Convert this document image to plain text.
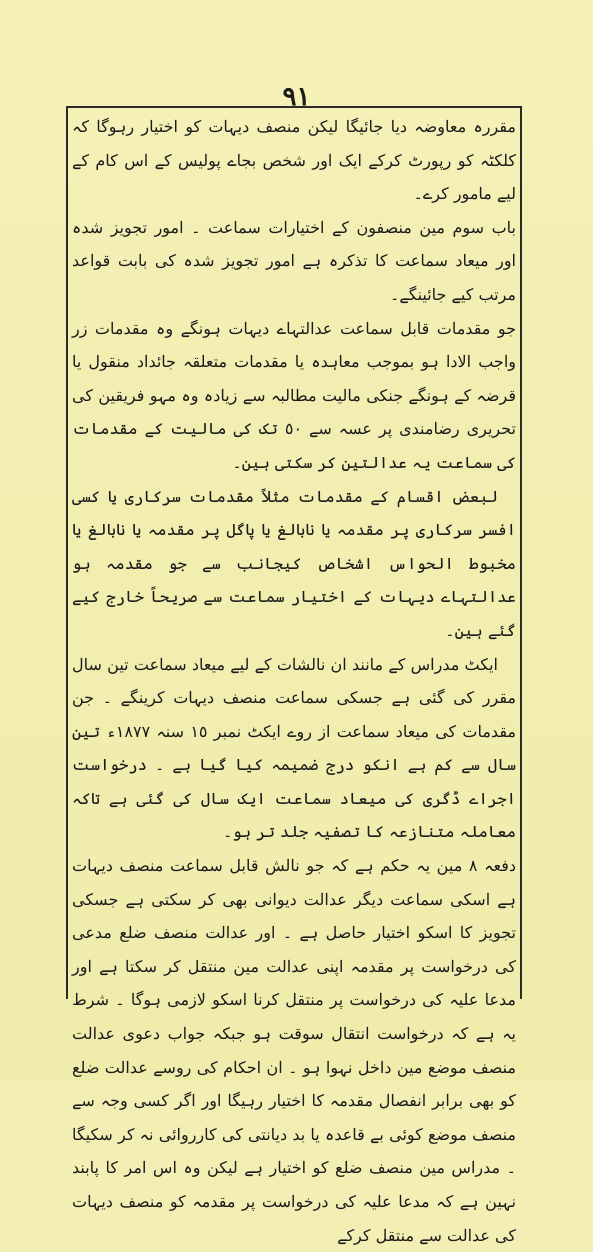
٩١

مقررہ معاوضہ دیا جائیگا لیکن منصف دیہات کو اختیار رہوگا کہ کلکٹہ کو رپورٹ کرکے ایک اور شخص بجاے پولیس کے اس کام کے لیے مامور کرے۔

باب سوم مین منصفون کے اختیارات سماعت ۔ امور تجویز شدہ اور میعاد سماعت کا تذکرہ ہے امور تجویز شدہ کی بابت قواعد مرتب کیے جائینگے۔

جو مقدمات قابل سماعت عدالتہاے دیہات ہونگے وہ مقدمات زر واجب الادا ہو بموجب معاہدہ یا مقدمات متعلقہ جائداد منقول یا قرضہ کے ہونگے جنکی مالیت مطالبہ سے زیادہ وہ مہو فریقین کی تحریری رضامندی پر عسہ سے ٥٠ تک کی مالیت کے مقدمات کی سماعت یہ عدالتین کر سکتی ہین۔

لبعض اقسام کے مقدمات مثلاً مقدمات سرکاری یا کسی افسر سرکاری پر مقدمہ یا نابالغ یا پاگل پر مقدمہ یا نابالغ یا مخبوط الحواس اشخاص کیجانب سے جو مقدمہ ہو عدالتہاے دیہات کے اختیار سماعت سے صریحاً خارج کیے گئے ہین۔

ایکٹ مدراس کے مانند ان نالشات کے لیے میعاد سماعت تین سال مقرر کی گئی ہے جسکی سماعت منصف دیہات کرینگے ۔ جن مقدمات کی میعاد سماعت از روے ایکٹ نمبر ١٥ سنہ ١٨٧٧ء تین سال سے کم ہے انکو درج ضمیمہ کیا گیا ہے ۔ درخواست اجراے ڈگری کی میعاد سماعت ایک سال کی گئی ہے تاکہ معاملہ متنازعہ کا تصفیہ جلد تر ہو۔

دفعہ ٨ مین یہ حکم ہے کہ جو نالش قابل سماعت منصف دیہات ہے اسکی سماعت دیگر عدالت دیوانی بھی کر سکتی ہے جسکی تجویز کا اسکو اختیار حاصل ہے ۔ اور عدالت منصف ضلع مدعی کی درخواست پر مقدمہ اپنی عدالت مین منتقل کر سکتا ہے اور مدعا علیہ کی درخواست پر منتقل کرنا اسکو لازمی ہوگا ۔ شرط یہ ہے کہ درخواست انتقال سوقت ہو جبکہ جواب دعوی عدالت منصف موضع مین داخل نہوا ہو ۔ ان احکام کی روسے عدالت ضلع کو بھی برابر انفصال مقدمہ کا اختیار رہیگا اور اگر کسی وجہ سے منصف موضع کوئی بے قاعدہ یا بد دیانتی کی کارروائی نہ کر سکیگا ۔ مدراس مین منصف ضلع کو اختیار ہے لیکن وہ اس امر کا پابند نہین ہے کہ مدعا علیہ کی درخواست پر مقدمہ کو منصف دیہات کی عدالت سے منتقل کرکے
